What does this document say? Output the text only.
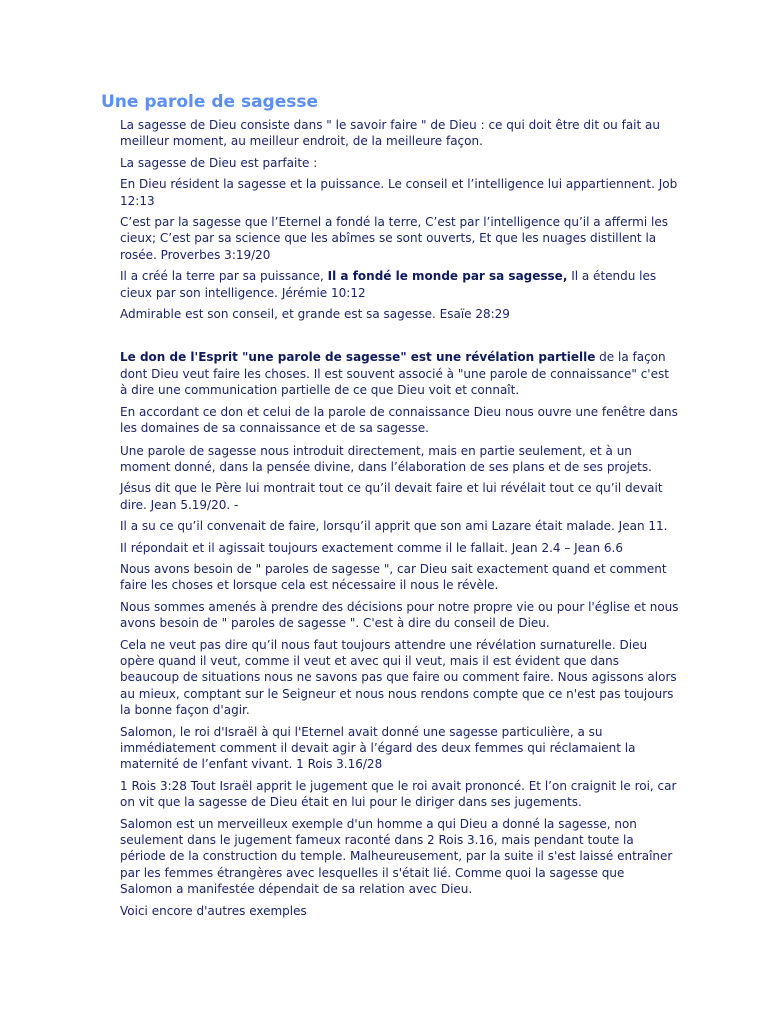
Une parole de sagesse

La sagesse de Dieu consiste dans " le savoir faire " de Dieu : ce qui doit être dit ou fait au meilleur moment, au meilleur endroit, de la meilleure façon.

La sagesse de Dieu est parfaite :

En Dieu résident la sagesse et la puissance. Le conseil et l’intelligence lui appartiennent. Job 12:13

C’est par la sagesse que l’Eternel a fondé la terre, C’est par l’intelligence qu’il a affermi les cieux; C’est par sa science que les abîmes se sont ouverts, Et que les nuages distillent la rosée. Proverbes 3:19/20

Il a créé la terre par sa puissance, Il a fondé le monde par sa sagesse, Il a étendu les cieux par son intelligence. Jérémie 10:12

Admirable est son conseil, et grande est sa sagesse. Esaïe 28:29

Le don de l'Esprit "une parole de sagesse" est une révélation partielle de la façon dont Dieu veut faire les choses. Il est souvent associé à "une parole de connaissance" c'est à dire une communication partielle de ce que Dieu voit et connaît.

En accordant ce don et celui de la parole de connaissance Dieu nous ouvre une fenêtre dans les domaines de sa connaissance et de sa sagesse.

Une parole de sagesse nous introduit directement, mais en partie seulement, et à un moment donné, dans la pensée divine, dans l’élaboration de ses plans et de ses projets.

Jésus dit que le Père lui montrait tout ce qu’il devait faire et lui révélait tout ce qu’il devait dire. Jean 5.19/20. -

Il a su ce qu’il convenait de faire, lorsqu’il apprit que son ami Lazare était malade. Jean 11.

Il répondait et il agissait toujours exactement comme il le fallait. Jean 2.4 – Jean 6.6

Nous avons besoin de " paroles de sagesse ", car Dieu sait exactement quand et comment faire les choses et lorsque cela est nécessaire il nous le révèle.

Nous sommes amenés à prendre des décisions pour notre propre vie ou pour l'église et nous avons besoin de " paroles de sagesse ". C'est à dire du conseil de Dieu.

Cela ne veut pas dire qu’il nous faut toujours attendre une révélation surnaturelle. Dieu opère quand il veut, comme il veut et avec qui il veut, mais il est évident que dans beaucoup de situations nous ne savons pas que faire ou comment faire. Nous agissons alors au mieux, comptant sur le Seigneur et nous nous rendons compte que ce n'est pas toujours la bonne façon d'agir.

Salomon, le roi d'Israël à qui l'Eternel avait donné une sagesse particulière, a su immédiatement comment il devait agir à l’égard des deux femmes qui réclamaient la maternité de l’enfant vivant. 1 Rois 3.16/28

1 Rois 3:28 Tout Israël apprit le jugement que le roi avait prononcé. Et l’on craignit le roi, car on vit que la sagesse de Dieu était en lui pour le diriger dans ses jugements.

Salomon est un merveilleux exemple d'un homme a qui Dieu a donné la sagesse, non seulement dans le jugement fameux raconté dans 2 Rois 3.16, mais pendant toute la période de la construction du temple. Malheureusement, par la suite il s'est laissé entraîner par les femmes étrangères avec lesquelles il s'était lié. Comme quoi la sagesse que Salomon a manifestée dépendait de sa relation avec Dieu.

Voici encore d'autres exemples
